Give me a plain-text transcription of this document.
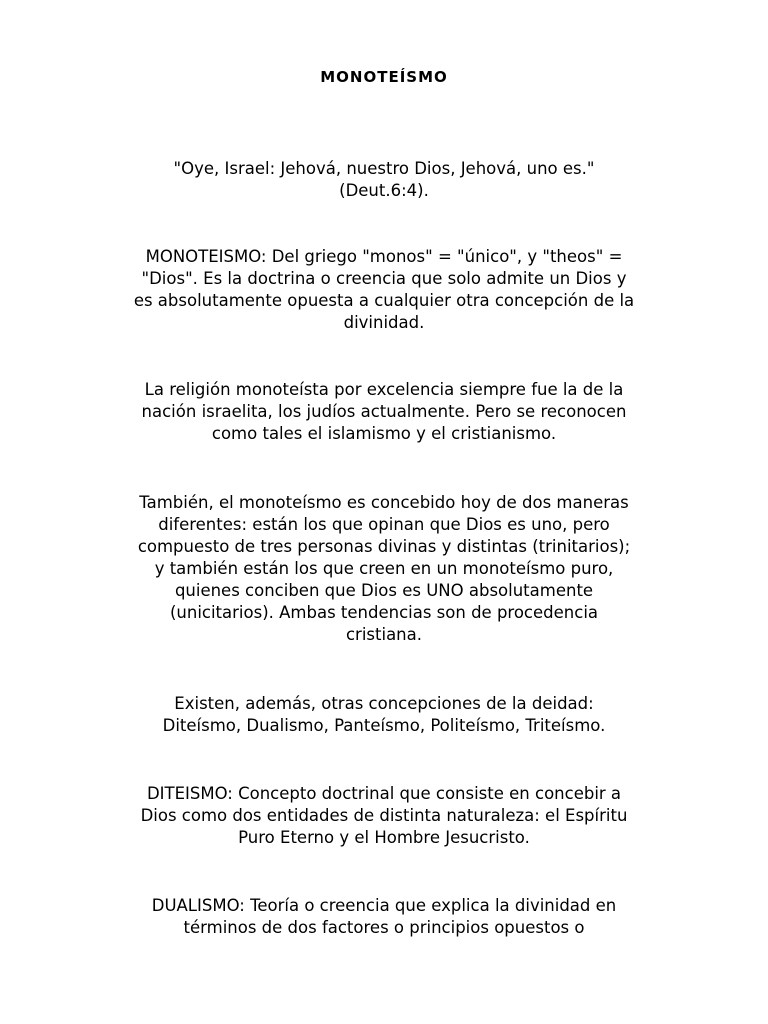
MONOTEÍSMO

"Oye, Israel: Jehová, nuestro Dios, Jehová, uno es."
(Deut.6:4).

MONOTEISMO: Del griego "monos" = "único", y "theos" =
"Dios". Es la doctrina o creencia que solo admite un Dios y
es absolutamente opuesta a cualquier otra concepción de la
divinidad.

La religión monoteísta por excelencia siempre fue la de la
nación israelita, los judíos actualmente. Pero se reconocen
como tales el islamismo y el cristianismo.

También, el monoteísmo es concebido hoy de dos maneras
diferentes: están los que opinan que Dios es uno, pero
compuesto de tres personas divinas y distintas (trinitarios);
y también están los que creen en un monoteísmo puro,
quienes conciben que Dios es UNO absolutamente
(unicitarios). Ambas tendencias son de procedencia
cristiana.

Existen, además, otras concepciones de la deidad:
Diteísmo, Dualismo, Panteísmo, Politeísmo, Triteísmo.

DITEISMO: Concepto doctrinal que consiste en concebir a
Dios como dos entidades de distinta naturaleza: el Espíritu
Puro Eterno y el Hombre Jesucristo.

DUALISMO: Teoría o creencia que explica la divinidad en
términos de dos factores o principios opuestos o
